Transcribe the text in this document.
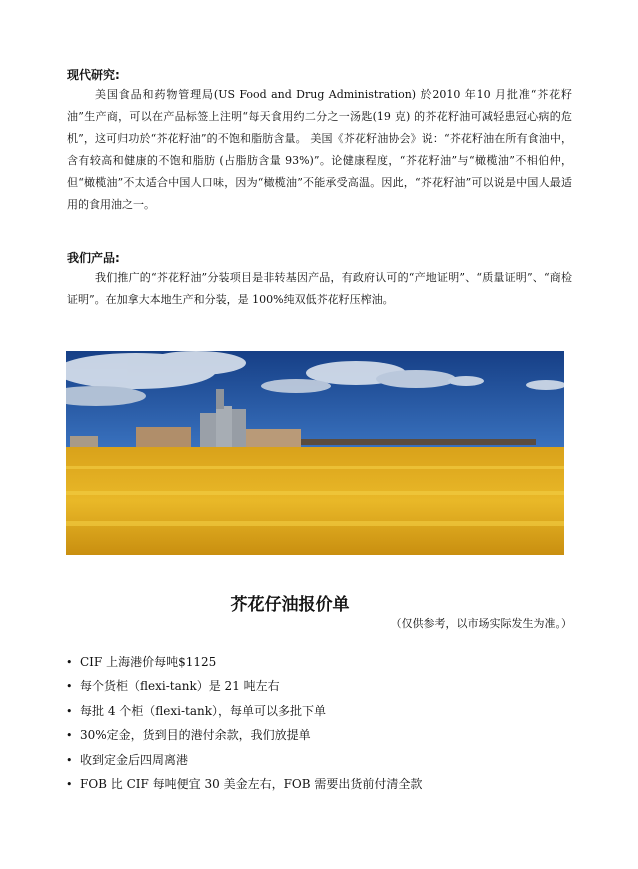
现代研究:

美国食品和药物管理局(US Food and Drug Administration) 於2010 年10 月批准“芥花籽油”生产商，可以在产品标签上注明“每天食用约二分之一汤匙(19 克) 的芥花籽油可减轻患冠心病的危机”，这可归功於“芥花籽油”的不饱和脂肪含量。 美国《芥花籽油协会》说：“芥花籽油在所有食油中，含有较高和健康的不饱和脂肪 (占脂肪含量 93%)”。论健康程度，“芥花籽油”与“橄榄油”不相伯仲，但“橄榄油”不太适合中国人口味，因为“橄榄油”不能承受高温。因此，“芥花籽油”可以说是中国人最适用的食用油之一。

我们产品:

我们推广的“芥花籽油”分装项目是非转基因产品，有政府认可的“产地证明”、“质量证明”、“商检证明”。在加拿大本地生产和分装，是 100%纯双低芥花籽压榨油。

芥花仔油报价单
（仅供参考，以市场实际发生为准。）
• CIF 上海港价每吨$1125
• 每个货柜（flexi-tank）是 21 吨左右
• 每批 4 个柜（flexi-tank），每单可以多批下单
• 30%定金，货到目的港付余款，我们放提单
• 收到定金后四周离港
• FOB 比 CIF 每吨便宜 30 美金左右，FOB 需要出货前付清全款
